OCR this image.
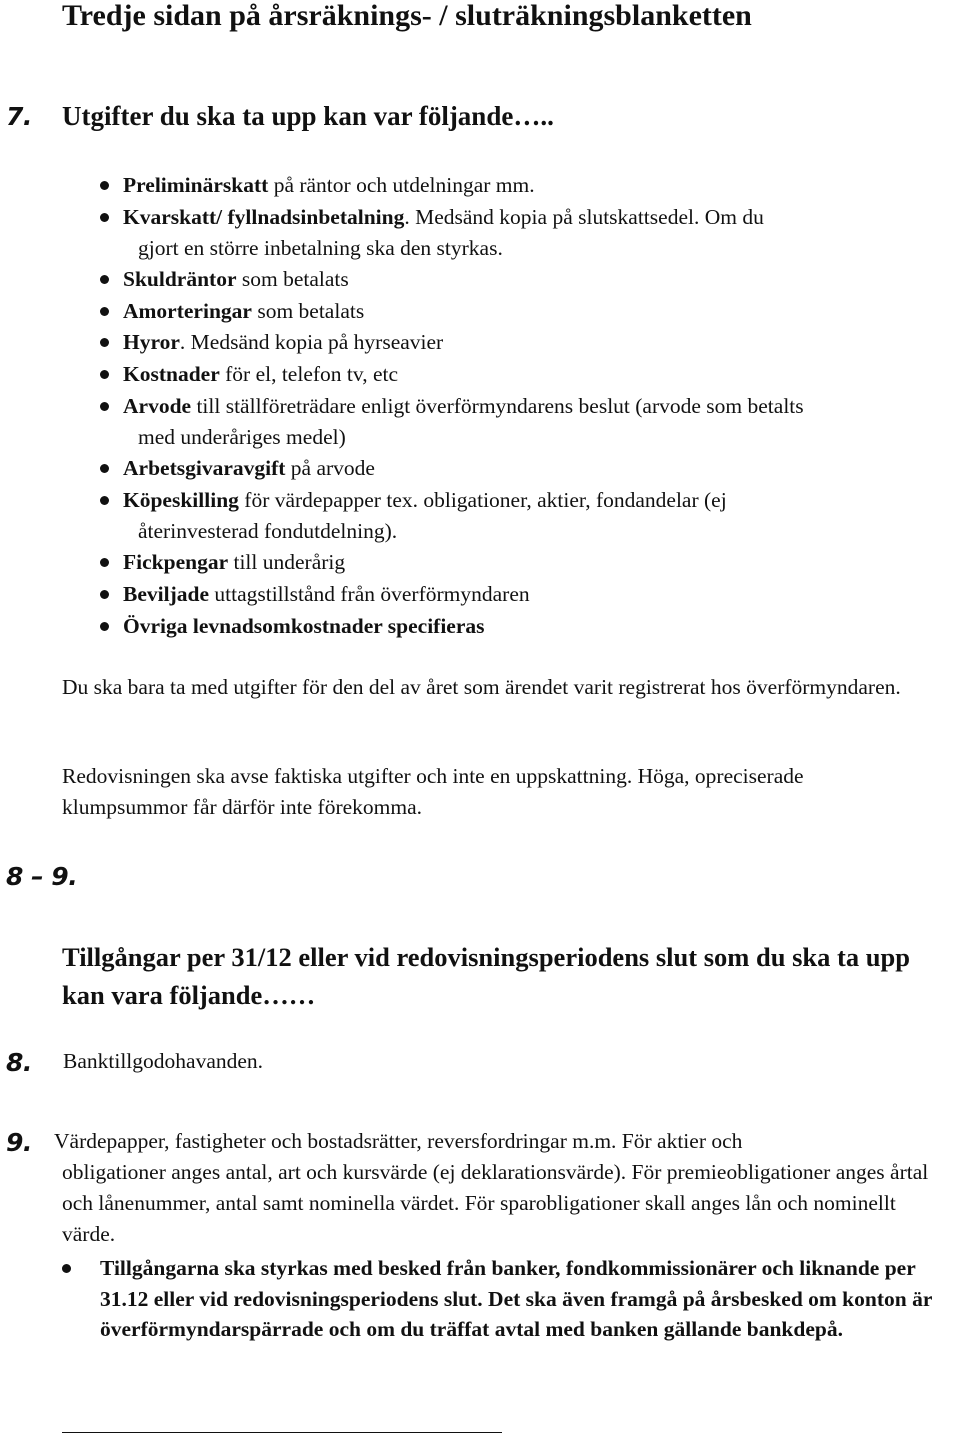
Tredje sidan på årsräknings- / sluträkningsblanketten
7. Utgifter du ska ta upp kan var följande…..
Preliminärskatt på räntor och utdelningar mm.
Kvarskatt/ fyllnadsinbetalning. Medsänd kopia på slutskattsedel. Om du
gjort en större inbetalning ska den styrkas.
Skuldräntor som betalats
Amorteringar som betalats
Hyror. Medsänd kopia på hyrseavier
Kostnader för el, telefon tv, etc
Arvode till ställföreträdare enligt överförmyndarens beslut (arvode som betalts
med underåriges medel)
Arbetsgivaravgift på arvode
Köpeskilling för värdepapper tex. obligationer, aktier, fondandelar (ej
återinvesterad fondutdelning).
Fickpengar till underårig
Beviljade uttagstillstånd från överförmyndaren
Övriga levnadsomkostnader specifieras
Du ska bara ta med utgifter för den del av året som ärendet varit registrerat hos överförmyndaren.
Redovisningen ska avse faktiska utgifter och inte en uppskattning. Höga, opreciserade klumpsummor får därför inte förekomma.
8 – 9.
Tillgångar per 31/12 eller vid redovisningsperiodens slut som du ska ta upp kan vara följande……
8. Banktillgodohavanden.
9. Värdepapper, fastigheter och bostadsrätter, reversfordringar m.m. För aktier och
obligationer anges antal, art och kursvärde (ej deklarationsvärde). För premieobligationer anges årtal och lånenummer, antal samt nominella värdet. För sparobligationer skall anges lån och nominellt värde.
Tillgångarna ska styrkas med besked från banker, fondkommissionärer och liknande per 31.12 eller vid redovisningsperiodens slut. Det ska även framgå på årsbesked om konton är överförmyndarspärrade och om du träffat avtal med banken gällande bankdepå.
